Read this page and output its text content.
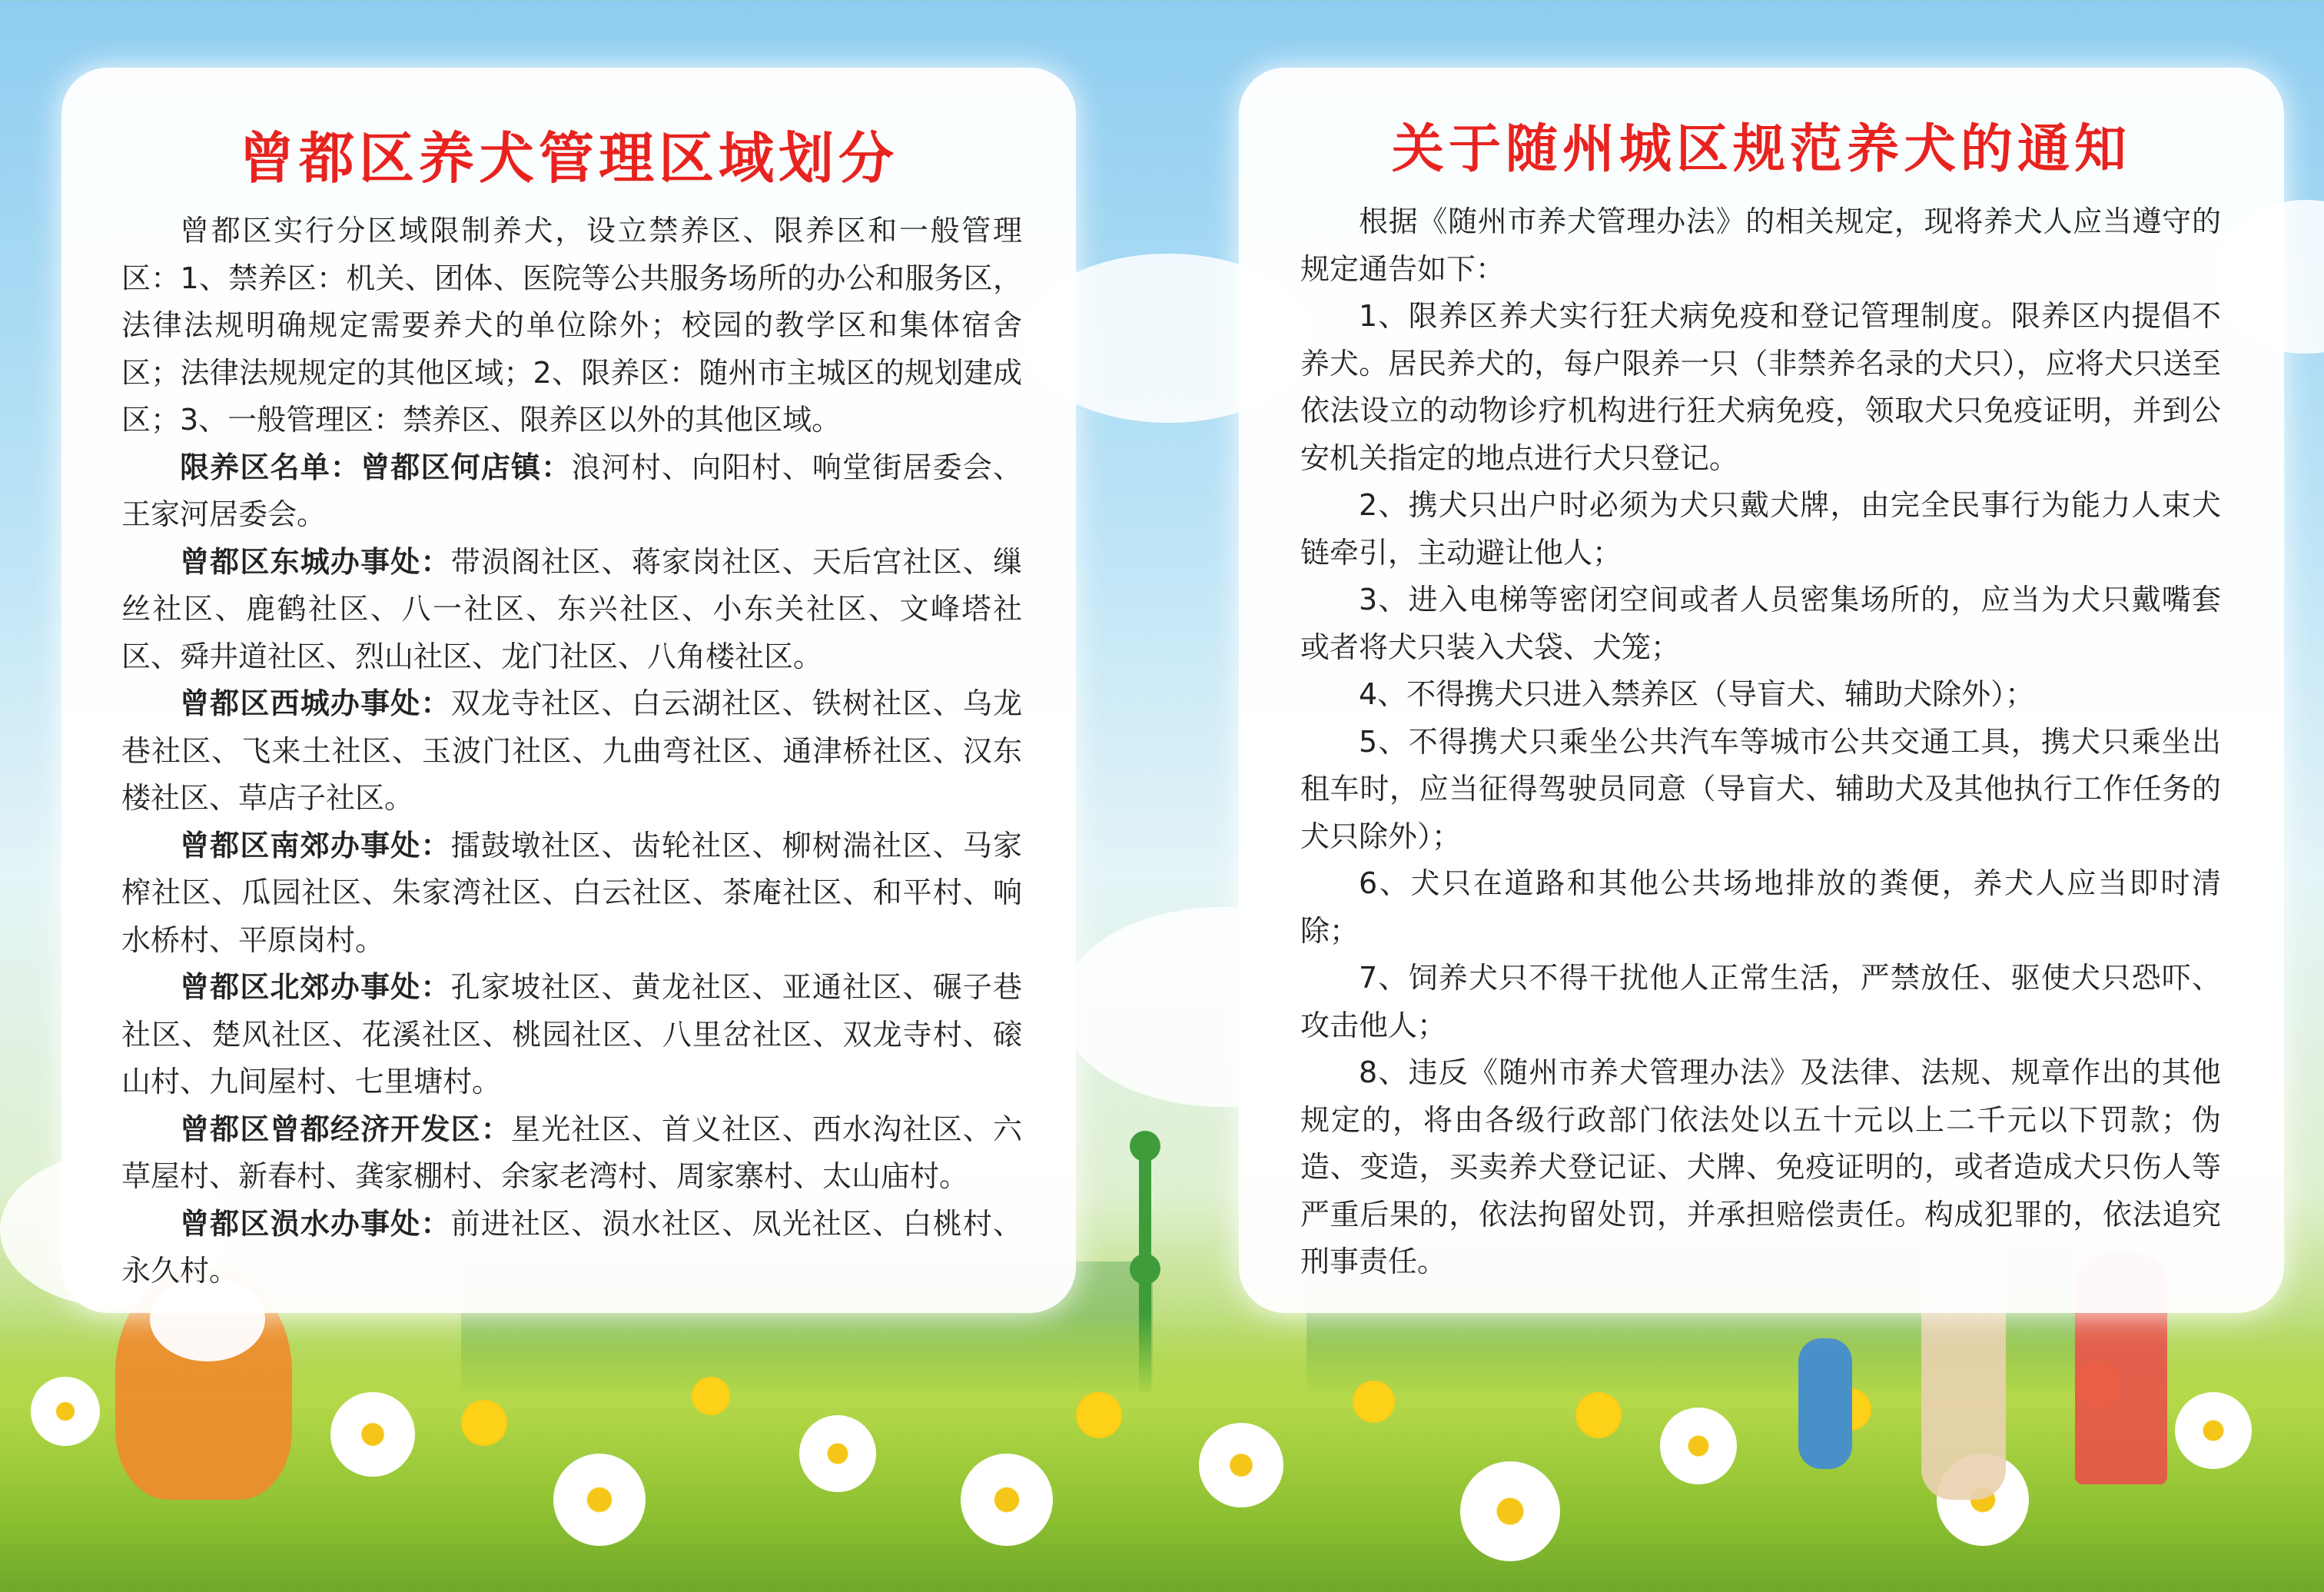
曾都区养犬管理区域划分

曾都区实行分区域限制养犬，设立禁养区、限养区和一般管理区：1、禁养区：机关、团体、医院等公共服务场所的办公和服务区，法律法规明确规定需要养犬的单位除外；校园的教学区和集体宿舍区；法律法规规定的其他区域；2、限养区：随州市主城区的规划建成区；3、一般管理区：禁养区、限养区以外的其他区域。

限养区名单：曾都区何店镇：浪河村、向阳村、响堂街居委会、王家河居委会。

曾都区东城办事处：带涢阁社区、蒋家岗社区、天后宫社区、缫丝社区、鹿鹤社区、八一社区、东兴社区、小东关社区、文峰塔社区、舜井道社区、烈山社区、龙门社区、八角楼社区。

曾都区西城办事处：双龙寺社区、白云湖社区、铁树社区、乌龙巷社区、飞来土社区、玉波门社区、九曲弯社区、通津桥社区、汉东楼社区、草店子社区。

曾都区南郊办事处：擂鼓墩社区、齿轮社区、柳树湍社区、马家榨社区、瓜园社区、朱家湾社区、白云社区、茶庵社区、和平村、响水桥村、平原岗村。

曾都区北郊办事处：孔家坡社区、黄龙社区、亚通社区、碾子巷社区、楚风社区、花溪社区、桃园社区、八里岔社区、双龙寺村、磙山村、九间屋村、七里塘村。

曾都区曾都经济开发区：星光社区、首义社区、西水沟社区、六草屋村、新春村、龚家棚村、余家老湾村、周家寨村、太山庙村。

曾都区涢水办事处：前进社区、涢水社区、凤光社区、白桃村、永久村。

关于随州城区规范养犬的通知

根据《随州市养犬管理办法》的相关规定，现将养犬人应当遵守的规定通告如下：

1、限养区养犬实行狂犬病免疫和登记管理制度。限养区内提倡不养犬。居民养犬的，每户限养一只（非禁养名录的犬只），应将犬只送至依法设立的动物诊疗机构进行狂犬病免疫，领取犬只免疫证明，并到公安机关指定的地点进行犬只登记。

2、携犬只出户时必须为犬只戴犬牌，由完全民事行为能力人束犬链牵引，主动避让他人；

3、进入电梯等密闭空间或者人员密集场所的，应当为犬只戴嘴套或者将犬只装入犬袋、犬笼；

4、不得携犬只进入禁养区（导盲犬、辅助犬除外）；

5、不得携犬只乘坐公共汽车等城市公共交通工具，携犬只乘坐出租车时，应当征得驾驶员同意（导盲犬、辅助犬及其他执行工作任务的犬只除外）；

6、犬只在道路和其他公共场地排放的粪便，养犬人应当即时清除；

7、饲养犬只不得干扰他人正常生活，严禁放任、驱使犬只恐吓、攻击他人；

8、违反《随州市养犬管理办法》及法律、法规、规章作出的其他规定的，将由各级行政部门依法处以五十元以上二千元以下罚款；伪造、变造，买卖养犬登记证、犬牌、免疫证明的，或者造成犬只伤人等严重后果的，依法拘留处罚，并承担赔偿责任。构成犯罪的，依法追究刑事责任。
